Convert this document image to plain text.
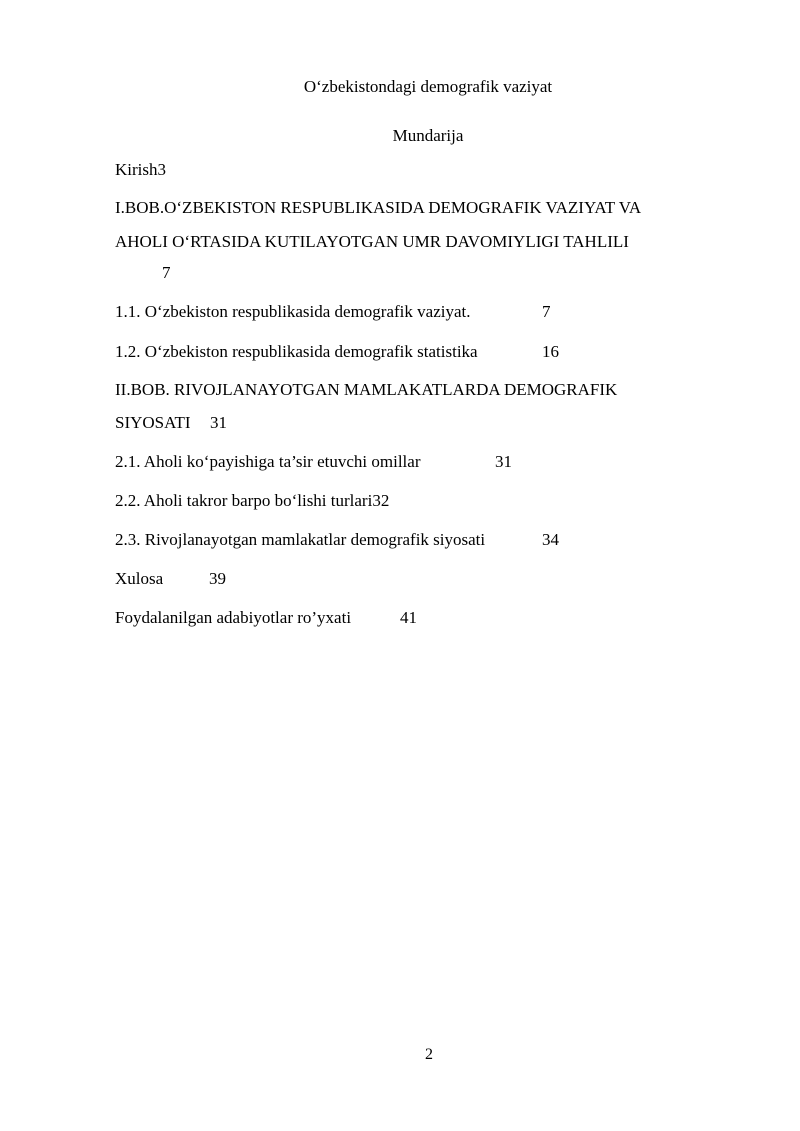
O‘zbekistondagi demografik vaziyat
Mundarija
Kirish3
I.BOB.O‘ZBEKISTON RESPUBLIKASIDA DEMOGRAFIK VAZIYAT VA
AHOLI O‘RTASIDA KUTILAYOTGAN UMR DAVOMIYLIGI TAHLILI
7
1.1. O‘zbekiston respublikasida demografik vaziyat.	7
1.2. O‘zbekiston respublikasida demografik statistika	16
II.BOB. RIVOJLANAYOTGAN MAMLAKATLARDA DEMOGRAFIK
SIYOSATI 31
2.1. Aholi ko‘payishiga ta’sir etuvchi omillar	31
2.2. Aholi takror barpo bo‘lishi turlari32
2.3. Rivojlanayotgan mamlakatlar demografik siyosati	34
Xulosa	39
Foydalanilgan adabiyotlar ro’yxati	41
2
